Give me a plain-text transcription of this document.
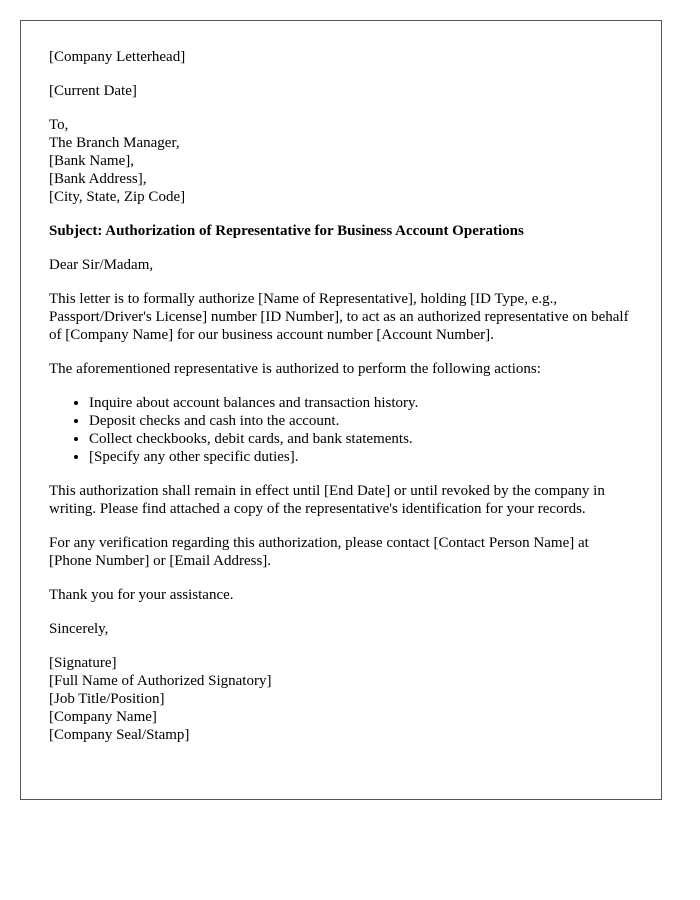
[Company Letterhead]

[Current Date]

To,
The Branch Manager,
[Bank Name],
[Bank Address],
[City, State, Zip Code]

Subject: Authorization of Representative for Business Account Operations

Dear Sir/Madam,

This letter is to formally authorize [Name of Representative], holding [ID Type, e.g., Passport/Driver's License] number [ID Number], to act as an authorized representative on behalf of [Company Name] for our business account number [Account Number].

The aforementioned representative is authorized to perform the following actions:

• Inquire about account balances and transaction history.
• Deposit checks and cash into the account.
• Collect checkbooks, debit cards, and bank statements.
• [Specify any other specific duties].

This authorization shall remain in effect until [End Date] or until revoked by the company in writing. Please find attached a copy of the representative's identification for your records.

For any verification regarding this authorization, please contact [Contact Person Name] at [Phone Number] or [Email Address].

Thank you for your assistance.

Sincerely,

[Signature]
[Full Name of Authorized Signatory]
[Job Title/Position]
[Company Name]
[Company Seal/Stamp]
